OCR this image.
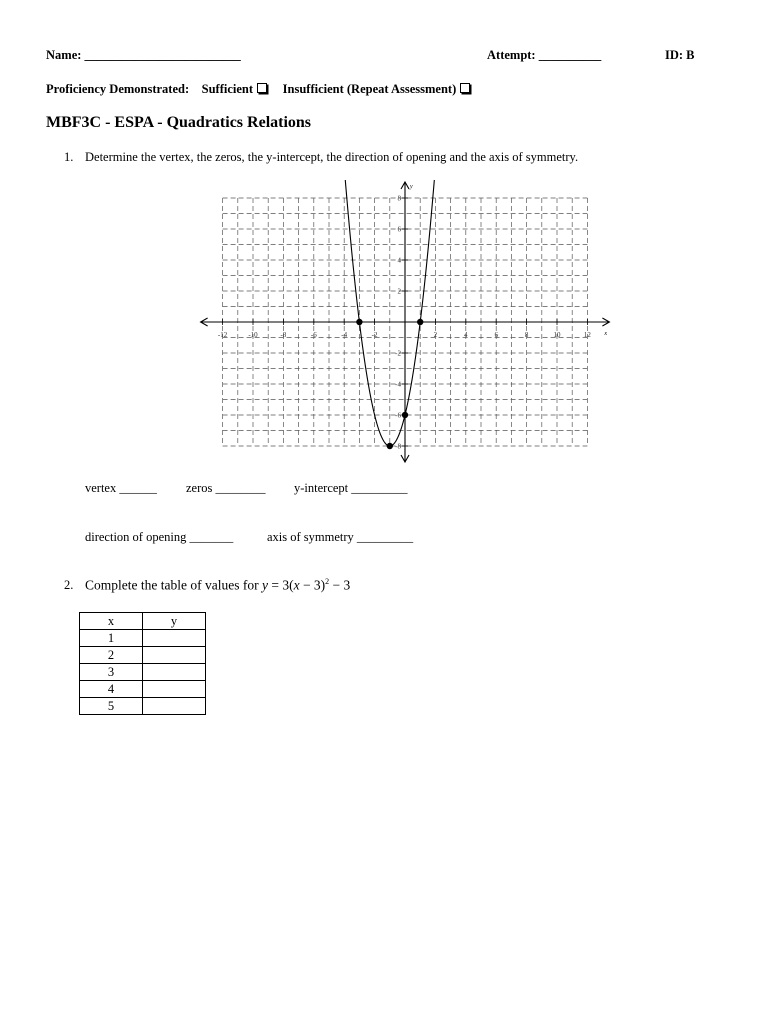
Name: _________________________	Attempt: __________	ID: B
Proficiency Demonstrated: Sufficient Insufficient (Repeat Assessment)
MBF3C - ESPA - Quadratics Relations
1. Determine the vertex, the zeros, the y-intercept, the direction of opening and the axis of symmetry.
x
y
-12	-10	-8	-6	-4	-2	2	4	6	8	10	12
8
6
4
2
-2
-4
-6
-8
vertex ______ zeros ________ y-intercept _________
direction of opening _______	axis of symmetry _________
2. Complete the table of values for $y = 3(x - 3)^2 - 3$
x	y
1	
2	
3	
4	
5	
